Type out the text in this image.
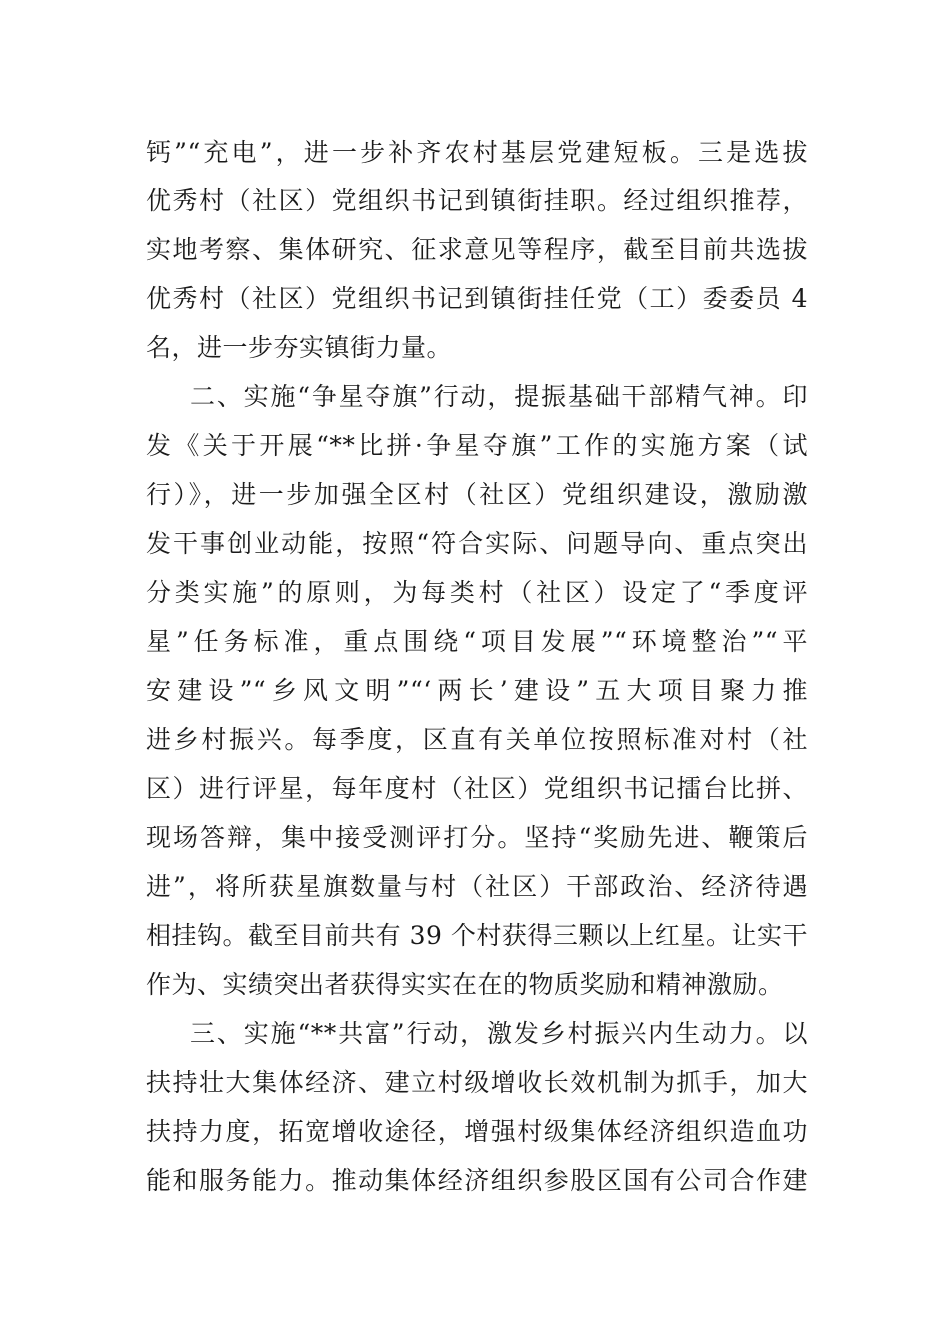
钙”“充电”，进一步补齐农村基层党建短板。三是选拔
优秀村（社区）党组织书记到镇街挂职。经过组织推荐，
实地考察、集体研究、征求意见等程序，截至目前共选拔
优秀村（社区）党组织书记到镇街挂任党（工）委委员 4
名，进一步夯实镇街力量。
二、实施“争星夺旗”行动，提振基础干部精气神。印
发《关于开展“**比拼·争星夺旗”工作的实施方案（试
行）》，进一步加强全区村（社区）党组织建设，激励激
发干事创业动能，按照“符合实际、问题导向、重点突出
分类实施”的原则，为每类村（社区）设定了“季度评
星”任务标准，重点围绕“项目发展”“环境整治”“平
安建设”“乡风文明”“‘两长’建设”五大项目聚力推
进乡村振兴。每季度，区直有关单位按照标准对村（社
区）进行评星，每年度村（社区）党组织书记擂台比拼、
现场答辩，集中接受测评打分。坚持“奖励先进、鞭策后
进”，将所获星旗数量与村（社区）干部政治、经济待遇
相挂钩。截至目前共有 39 个村获得三颗以上红星。让实干
作为、实绩突出者获得实实在在的物质奖励和精神激励。
三、实施“**共富”行动，激发乡村振兴内生动力。以
扶持壮大集体经济、建立村级增收长效机制为抓手，加大
扶持力度，拓宽增收途径，增强村级集体经济组织造血功
能和服务能力。推动集体经济组织参股区国有公司合作建
